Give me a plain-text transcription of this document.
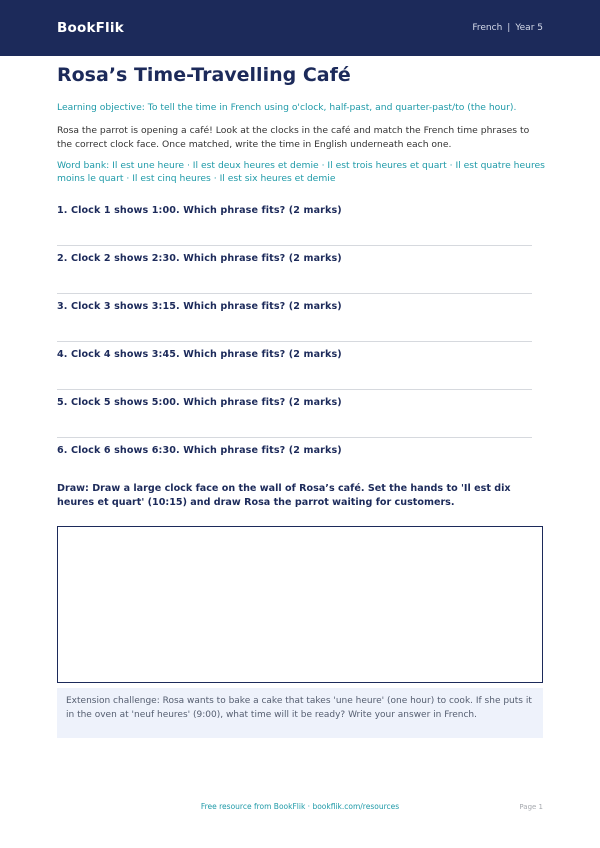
BookFlik	French | Year 5
Rosa’s Time-Travelling Café
Learning objective: To tell the time in French using o'clock, half-past, and quarter-past/to (the hour).
Rosa the parrot is opening a café! Look at the clocks in the café and match the French time phrases to the correct clock face. Once matched, write the time in English underneath each one.
Word bank: Il est une heure · Il est deux heures et demie · Il est trois heures et quart · Il est quatre heures moins le quart · Il est cinq heures · Il est six heures et demie
1. Clock 1 shows 1:00. Which phrase fits? (2 marks)
2. Clock 2 shows 2:30. Which phrase fits? (2 marks)
3. Clock 3 shows 3:15. Which phrase fits? (2 marks)
4. Clock 4 shows 3:45. Which phrase fits? (2 marks)
5. Clock 5 shows 5:00. Which phrase fits? (2 marks)
6. Clock 6 shows 6:30. Which phrase fits? (2 marks)
Draw: Draw a large clock face on the wall of Rosa’s café. Set the hands to 'Il est dix heures et quart' (10:15) and draw Rosa the parrot waiting for customers.
Extension challenge: Rosa wants to bake a cake that takes 'une heure' (one hour) to cook. If she puts it in the oven at 'neuf heures' (9:00), what time will it be ready? Write your answer in French.
Free resource from BookFlik · bookflik.com/resources	Page 1
